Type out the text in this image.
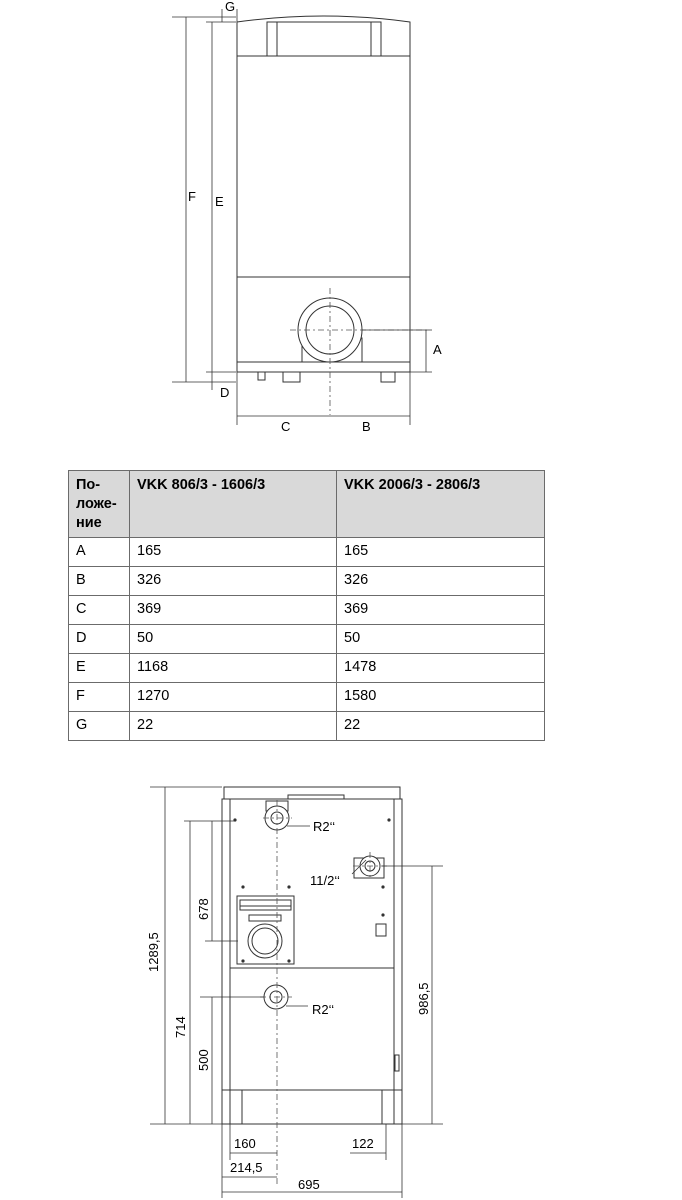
G
F E
D
A
C	B
По-
ложе-
ние	VKK 806/3 - 1606/3	VKK 2006/3 - 2806/3
A	165	165
B	326	326
C	369	369
D	50	50
E	1168	1478
F	1270	1580
G	22	22
R2‘‘
11/2‘‘
R2‘‘
1289,5
678
714
500
986,5
160	122
214,5
695
